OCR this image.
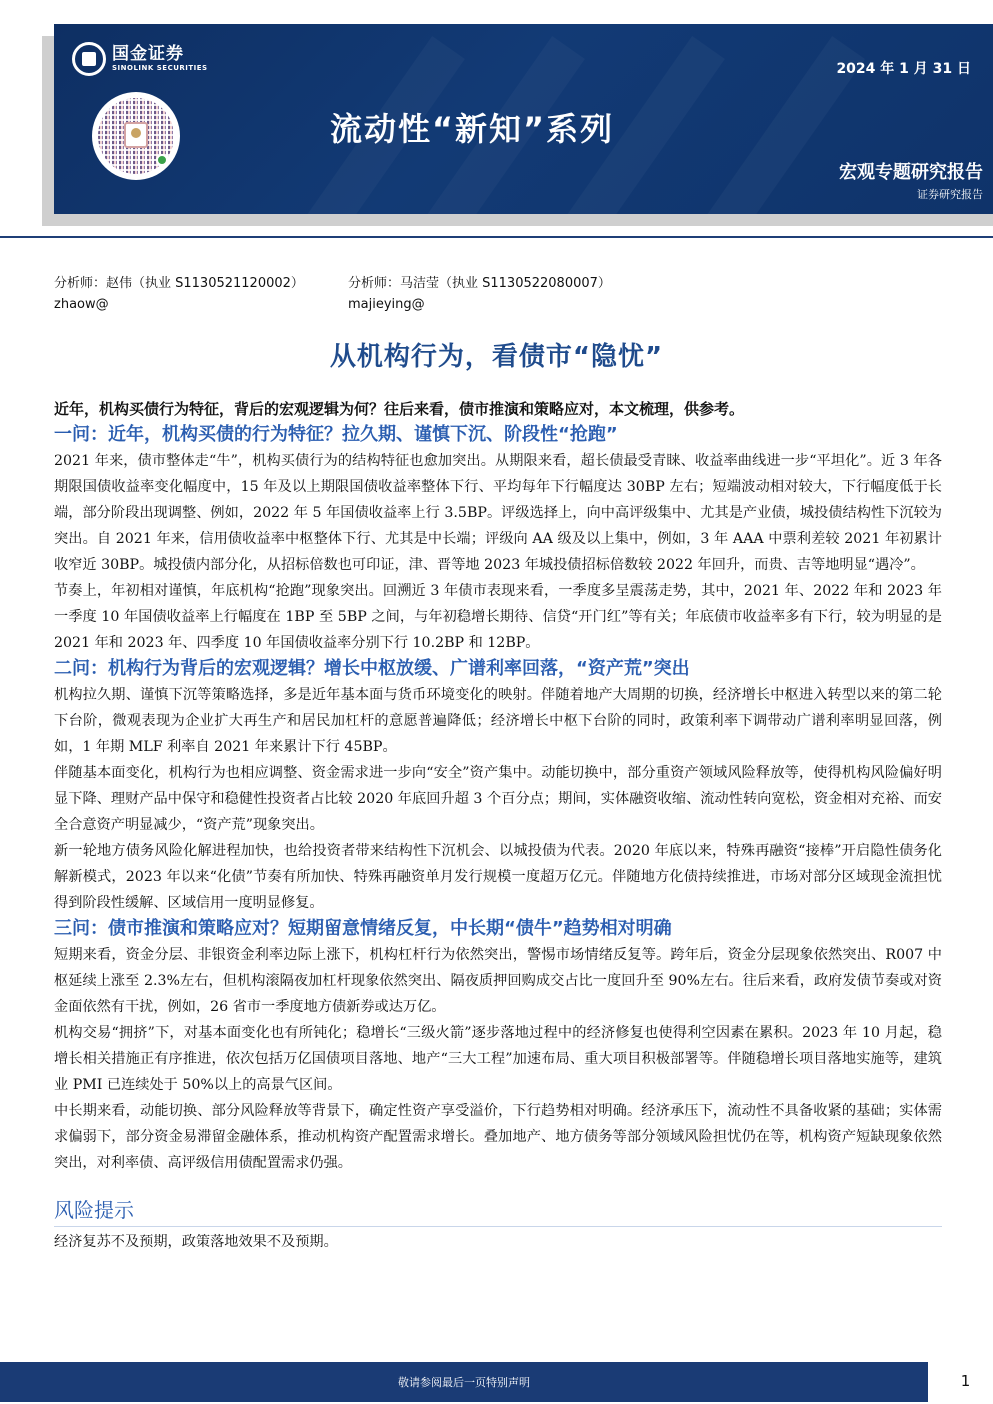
国金证券
SINOLINK SECURITIES	2024 年 1 月 31 日
流动性“新知”系列
宏观专题研究报告
证券研究报告
分析师：赵伟（执业 S1130521120002）
zhaow@
分析师：马洁莹（执业 S1130522080007）
majieying@
从机构行为，看债市“隐忧”
近年，机构买债行为特征，背后的宏观逻辑为何？往后来看，债市推演和策略应对，本文梳理，供参考。
一问：近年，机构买债的行为特征？拉久期、谨慎下沉、阶段性“抢跑”
2021 年来，债市整体走“牛”，机构买债行为的结构特征也愈加突出。从期限来看，超长债最受青睐、收益率曲线进一步“平坦化”。近 3 年各期限国债收益率变化幅度中，15 年及以上期限国债收益率整体下行、平均每年下行幅度达 30BP 左右；短端波动相对较大，下行幅度低于长端，部分阶段出现调整、例如，2022 年 5 年国债收益率上行 3.5BP。评级选择上，向中高评级集中、尤其是产业债，城投债结构性下沉较为突出。自 2021 年来，信用债收益率中枢整体下行、尤其是中长端；评级向 AA 级及以上集中，例如，3 年 AAA 中票利差较 2021 年初累计收窄近 30BP。城投债内部分化，从招标倍数也可印证，津、晋等地 2023 年城投债招标倍数较 2022 年回升，而贵、吉等地明显“遇冷”。
节奏上，年初相对谨慎，年底机构“抢跑”现象突出。回溯近 3 年债市表现来看，一季度多呈震荡走势，其中，2021 年、2022 年和 2023 年一季度 10 年国债收益率上行幅度在 1BP 至 5BP 之间，与年初稳增长期待、信贷“开门红”等有关；年底债市收益率多有下行，较为明显的是 2021 年和 2023 年、四季度 10 年国债收益率分别下行 10.2BP 和 12BP。
二问：机构行为背后的宏观逻辑？增长中枢放缓、广谱利率回落，“资产荒”突出
机构拉久期、谨慎下沉等策略选择，多是近年基本面与货币环境变化的映射。伴随着地产大周期的切换，经济增长中枢进入转型以来的第二轮下台阶，微观表现为企业扩大再生产和居民加杠杆的意愿普遍降低；经济增长中枢下台阶的同时，政策利率下调带动广谱利率明显回落，例如，1 年期 MLF 利率自 2021 年来累计下行 45BP。
伴随基本面变化，机构行为也相应调整、资金需求进一步向“安全”资产集中。动能切换中，部分重资产领域风险释放等，使得机构风险偏好明显下降、理财产品中保守和稳健性投资者占比较 2020 年底回升超 3 个百分点；期间，实体融资收缩、流动性转向宽松，资金相对充裕、而安全合意资产明显减少，“资产荒”现象突出。
新一轮地方债务风险化解进程加快，也给投资者带来结构性下沉机会、以城投债为代表。2020 年底以来，特殊再融资“接棒”开启隐性债务化解新模式，2023 年以来“化债”节奏有所加快、特殊再融资单月发行规模一度超万亿元。伴随地方化债持续推进，市场对部分区域现金流担忧得到阶段性缓解、区域信用一度明显修复。
三问：债市推演和策略应对？短期留意情绪反复，中长期“债牛”趋势相对明确
短期来看，资金分层、非银资金利率边际上涨下，机构杠杆行为依然突出，警惕市场情绪反复等。跨年后，资金分层现象依然突出、R007 中枢延续上涨至 2.3%左右，但机构滚隔夜加杠杆现象依然突出、隔夜质押回购成交占比一度回升至 90%左右。往后来看，政府发债节奏或对资金面依然有干扰，例如，26 省市一季度地方债新券或达万亿。
机构交易“拥挤”下，对基本面变化也有所钝化；稳增长“三级火箭”逐步落地过程中的经济修复也使得利空因素在累积。2023 年 10 月起，稳增长相关措施正有序推进，依次包括万亿国债项目落地、地产“三大工程”加速布局、重大项目积极部署等。伴随稳增长项目落地实施等，建筑业 PMI 已连续处于 50%以上的高景气区间。
中长期来看，动能切换、部分风险释放等背景下，确定性资产享受溢价，下行趋势相对明确。经济承压下，流动性不具备收紧的基础；实体需求偏弱下，部分资金易滞留金融体系，推动机构资产配置需求增长。叠加地产、地方债务等部分领域风险担忧仍在等，机构资产短缺现象依然突出，对利率债、高评级信用债配置需求仍强。
风险提示
经济复苏不及预期，政策落地效果不及预期。
敬请参阅最后一页特别声明	1
